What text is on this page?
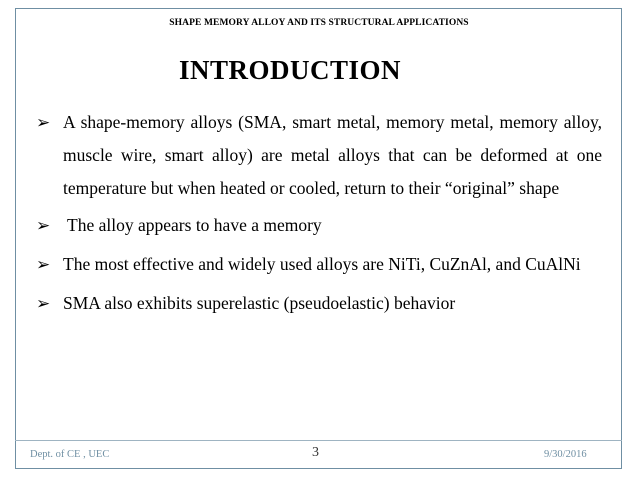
SHAPE MEMORY ALLOY AND ITS STRUCTURAL APPLICATIONS
INTRODUCTION
➢ A shape-memory alloys (SMA, smart metal, memory metal, memory alloy, muscle wire, smart alloy) are metal alloys that can be deformed at one temperature but when heated or cooled, return to their “original” shape
➢ The alloy appears to have a memory
➢ The most effective and widely used alloys are NiTi, CuZnAl, and CuAlNi
➢ SMA also exhibits superelastic (pseudoelastic) behavior
Dept. of CE , UEC	3	9/30/2016
